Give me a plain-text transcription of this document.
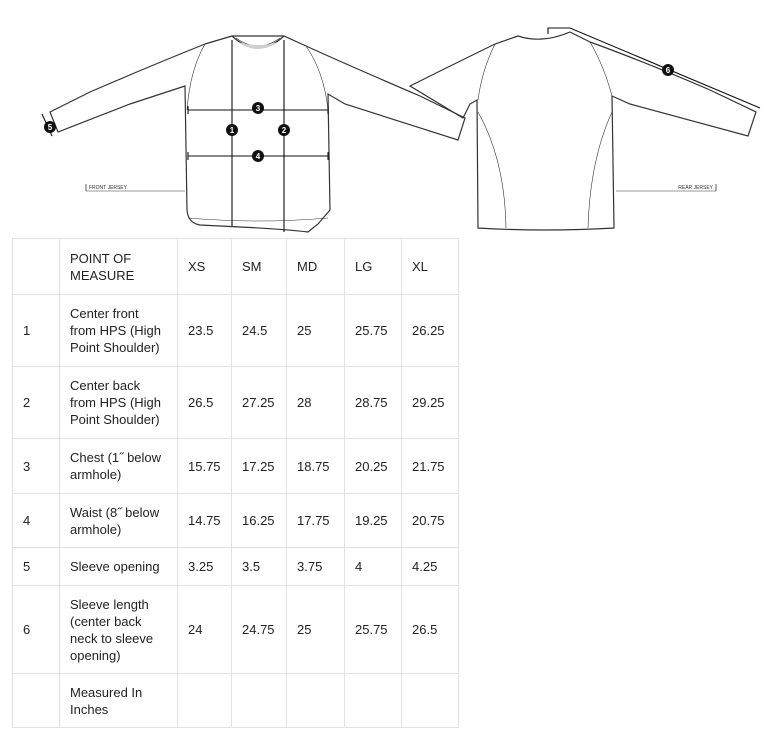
FRONT JERSEY	REAR JERSEY
1	2
3
4
5
6
	POINT OF MEASURE	XS	SM	MD	LG	XL
1	Center front from HPS (High Point Shoulder)	23.5	24.5	25	25.75	26.25
2	Center back from HPS (High Point Shoulder)	26.5	27.25	28	28.75	29.25
3	Chest (1˝ below armhole)	15.75	17.25	18.75	20.25	21.75
4	Waist (8˝ below armhole)	14.75	16.25	17.75	19.25	20.75
5	Sleeve opening	3.25	3.5	3.75	4	4.25
6	Sleeve length (center back neck to sleeve opening)	24	24.75	25	25.75	26.5
	Measured In Inches					
